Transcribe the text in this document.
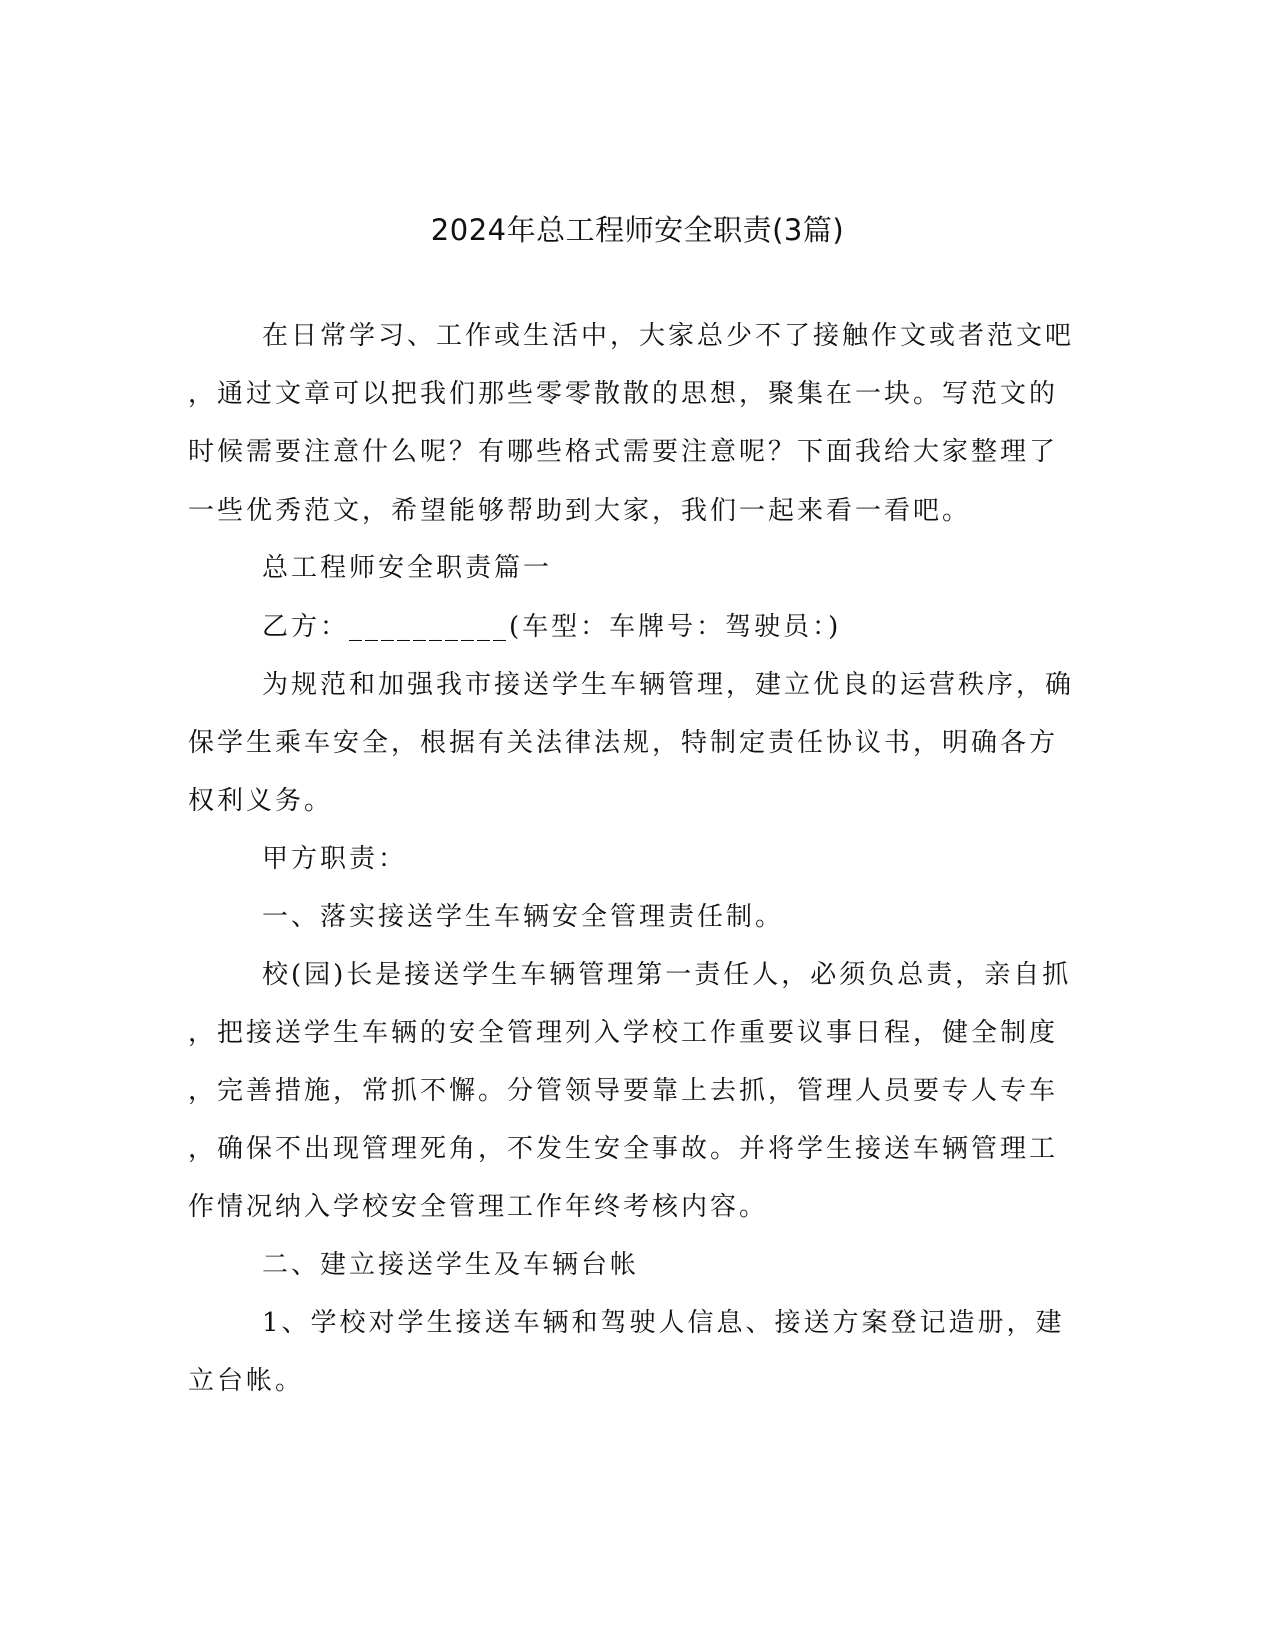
2024年总工程师安全职责(3篇)
在日常学习、工作或生活中，大家总少不了接触作文或者范文吧
，通过文章可以把我们那些零零散散的思想，聚集在一块。写范文的
时候需要注意什么呢？有哪些格式需要注意呢？下面我给大家整理了
一些优秀范文，希望能够帮助到大家，我们一起来看一看吧。
总工程师安全职责篇一
乙方：__________(车型：车牌号：驾驶员：)
为规范和加强我市接送学生车辆管理，建立优良的运营秩序，确
保学生乘车安全，根据有关法律法规，特制定责任协议书，明确各方
权利义务。
甲方职责：
一、落实接送学生车辆安全管理责任制。
校(园)长是接送学生车辆管理第一责任人，必须负总责，亲自抓
，把接送学生车辆的安全管理列入学校工作重要议事日程，健全制度
，完善措施，常抓不懈。分管领导要靠上去抓，管理人员要专人专车
，确保不出现管理死角，不发生安全事故。并将学生接送车辆管理工
作情况纳入学校安全管理工作年终考核内容。
二、建立接送学生及车辆台帐
1、学校对学生接送车辆和驾驶人信息、接送方案登记造册，建
立台帐。
